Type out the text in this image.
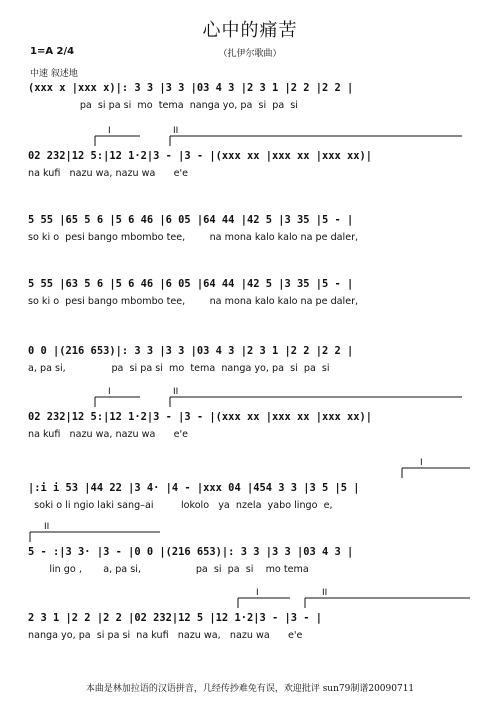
心中的痛苦
1=A 2/4	（扎伊尔歌曲）
中速 叙述地
(xxx x |xxx x)|: 3 3 |3 3 |03 4 3 |2 3 1 |2 2 |2 2 |
pa  si pa si  mo  tema  nanga yo, pa  si  pa  si
I	II
02 232|12 5:|12 1·2|3 - |3 - |(xxx xx |xxx xx |xxx xx)|
na kufi   nazu wa, nazu wa      e'e
5 55 |65 5 6 |5 6 46 |6 05 |64 44 |42 5 |3 35 |5 - |
so ki o  pesi bango mbombo tee,        na mona kalo kalo na pe daler,
5 55 |63 5 6 |5 6 46 |6 05 |64 44 |42 5 |3 35 |5 - |
so ki o  pesi bango mbombo tee,        na mona kalo kalo na pe daler,
0 0 |(216 653)|: 3 3 |3 3 |03 4 3 |2 3 1 |2 2 |2 2 |
a, pa si,               pa  si pa si  mo  tema  nanga yo, pa  si  pa  si
I	II
02 232|12 5:|12 1·2|3 - |3 - |(xxx xx |xxx xx |xxx xx)|
na kufi   nazu wa, nazu wa      e'e
I
|:i i 53 |44 22 |3 4· |4 - |xxx 04 |454 3 3 |3 5 |5 |
soki o li ngio laki sang–ai         lokolo   ya  nzela  yabo lingo  e,
II
5 - :|3 3· |3 - |0 0 |(216 653)|: 3 3 |3 3 |03 4 3 |
lin go ,       a, pa si,                  pa  si  pa  si    mo tema
I	II
2 3 1 |2 2 |2 2 |02 232|12 5 |12 1·2|3 - |3 - |
nanga yo, pa  si pa si  na kufi   nazu wa,   nazu wa      e'e
本曲是林加拉语的汉语拼音，几经传抄难免有误，欢迎批评 sun79制谱20090711
